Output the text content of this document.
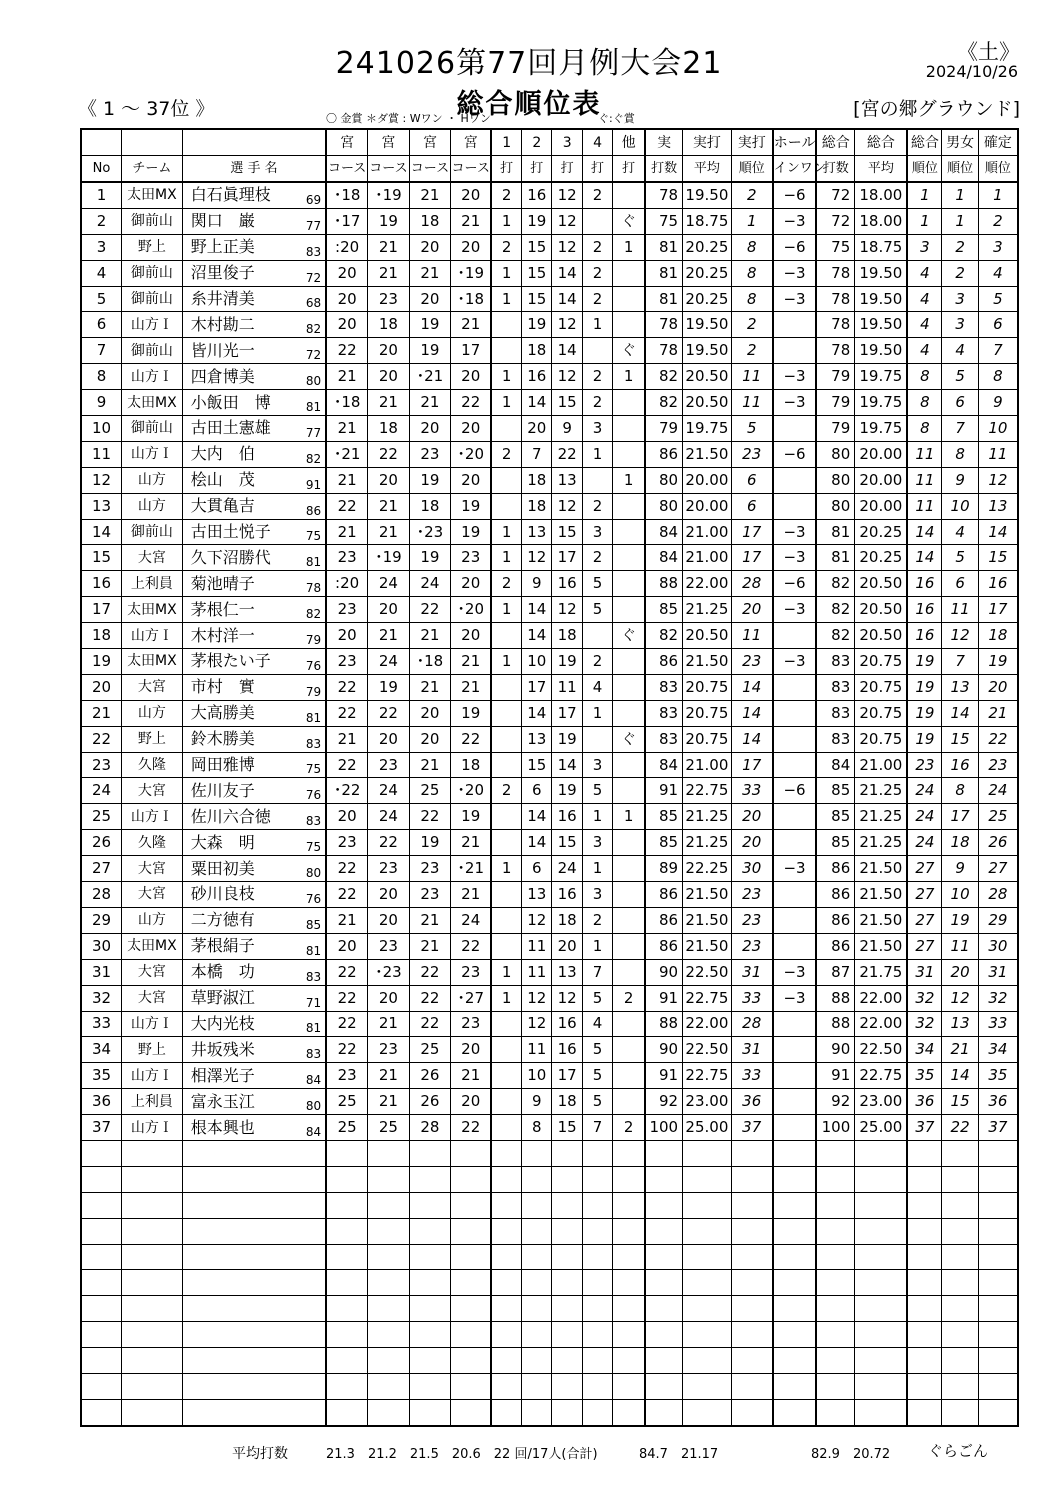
241026第77回月例大会21	《土》
2024/10/26
《 1 ～ 37位 》	総合順位表	[宮の郷グラウンド]
〇 金賞 ＊ダ賞 : Wワン ・ Hワン	ぐ:ぐ賞
			宮	宮	宮	宮	1	2	3	4	他	実	実打	実打	ホール	総合	総合	総合	男女	確定
No	チーム	選 手 名	コース	コース	コース	コース	打	打	打	打	打	打数	平均	順位	インワン	打数	平均	順位	順位	順位
1	太田MX	白石眞理枝 69	･18	･19	21	20	2	16	12	2		78	19.50	2	−6	72	18.00	1	1	1
2	御前山	関口　巌 77	･17	19	18	21	1	19	12		ぐ	75	18.75	1	−3	72	18.00	1	1	2
3	野上	野上正美 83	:20	21	20	20	2	15	12	2	1	81	20.25	8	−6	75	18.75	3	2	3
4	御前山	沼里俊子 72	20	21	21	･19	1	15	14	2		81	20.25	8	−3	78	19.50	4	2	4
5	御前山	糸井清美 68	20	23	20	･18	1	15	14	2		81	20.25	8	−3	78	19.50	4	3	5
6	山方Ｉ	木村勘二 82	20	18	19	21		19	12	1		78	19.50	2		78	19.50	4	3	6
7	御前山	皆川光一 72	22	20	19	17		18	14		ぐ	78	19.50	2		78	19.50	4	4	7
8	山方Ｉ	四倉博美 80	21	20	･21	20	1	16	12	2	1	82	20.50	11	−3	79	19.75	8	5	8
9	太田MX	小飯田　博 81	･18	21	21	22	1	14	15	2		82	20.50	11	−3	79	19.75	8	6	9
10	御前山	古田土憲雄 77	21	18	20	20		20	9	3		79	19.75	5		79	19.75	8	7	10
11	山方Ｉ	大内　伯 82	･21	22	23	･20	2	7	22	1		86	21.50	23	−6	80	20.00	11	8	11
12	山方	桧山　茂 91	21	20	19	20		18	13		1	80	20.00	6		80	20.00	11	9	12
13	山方	大貫亀吉 86	22	21	18	19		18	12	2		80	20.00	6		80	20.00	11	10	13
14	御前山	古田土悦子 75	21	21	･23	19	1	13	15	3		84	21.00	17	−3	81	20.25	14	4	14
15	大宮	久下沼勝代 81	23	･19	19	23	1	12	17	2		84	21.00	17	−3	81	20.25	14	5	15
16	上利員	菊池晴子 78	:20	24	24	20	2	9	16	5		88	22.00	28	−6	82	20.50	16	6	16
17	太田MX	茅根仁一 82	23	20	22	･20	1	14	12	5		85	21.25	20	−3	82	20.50	16	11	17
18	山方Ｉ	木村洋一 79	20	21	21	20		14	18		ぐ	82	20.50	11		82	20.50	16	12	18
19	太田MX	茅根たい子 76	23	24	･18	21	1	10	19	2		86	21.50	23	−3	83	20.75	19	7	19
20	大宮	市村　實 79	22	19	21	21		17	11	4		83	20.75	14		83	20.75	19	13	20
21	山方	大高勝美 81	22	22	20	19		14	17	1		83	20.75	14		83	20.75	19	14	21
22	野上	鈴木勝美 83	21	20	20	22		13	19		ぐ	83	20.75	14		83	20.75	19	15	22
23	久隆	岡田雅博 75	22	23	21	18		15	14	3		84	21.00	17		84	21.00	23	16	23
24	大宮	佐川友子 76	･22	24	25	･20	2	6	19	5		91	22.75	33	−6	85	21.25	24	8	24
25	山方Ｉ	佐川六合徳 83	20	24	22	19		14	16	1	1	85	21.25	20		85	21.25	24	17	25
26	久隆	大森　明 75	23	22	19	21		14	15	3		85	21.25	20		85	21.25	24	18	26
27	大宮	粟田初美 80	22	23	23	･21	1	6	24	1		89	22.25	30	−3	86	21.50	27	9	27
28	大宮	砂川良枝 76	22	20	23	21		13	16	3		86	21.50	23		86	21.50	27	10	28
29	山方	二方徳有 85	21	20	21	24		12	18	2		86	21.50	23		86	21.50	27	19	29
30	太田MX	茅根絹子 81	20	23	21	22		11	20	1		86	21.50	23		86	21.50	27	11	30
31	大宮	本橋　功 83	22	･23	22	23	1	11	13	7		90	22.50	31	−3	87	21.75	31	20	31
32	大宮	草野淑江 71	22	20	22	･27	1	12	12	5	2	91	22.75	33	−3	88	22.00	32	12	32
33	山方Ｉ	大内光枝 81	22	21	22	23		12	16	4		88	22.00	28		88	22.00	32	13	33
34	野上	井坂残米 83	22	23	25	20		11	16	5		90	22.50	31		90	22.50	34	21	34
35	山方Ｉ	相澤光子 84	23	21	26	21		10	17	5		91	22.75	33		91	22.75	35	14	35
36	上利員	富永玉江 80	25	21	26	20		9	18	5		92	23.00	36		92	23.00	36	15	36
37	山方Ｉ	根本興也 84	25	25	28	22		8	15	7	2	100	25.00	37		100	25.00	37	22	37

平均打数	21.3　21.2　21.5　20.6　22 回/17人(合計)	84.7　21.17	82.9　20.72	ぐらごん
